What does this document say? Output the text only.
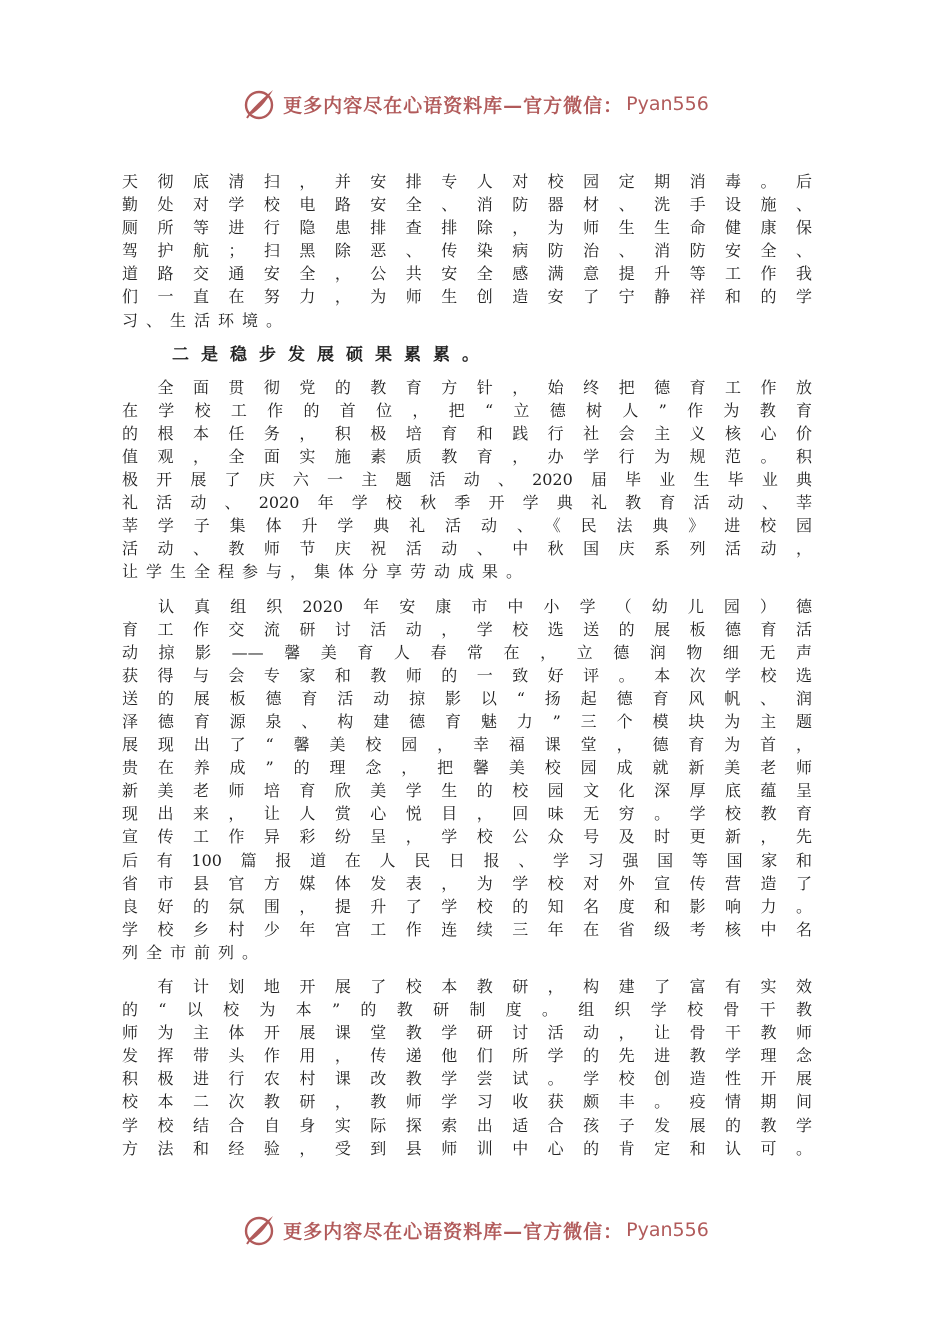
更多内容尽在心语资料库—官方微信： Pyan556
天彻底清扫，并安排专人对校园定期消毒。后
勤处对学校电路安全、消防器材、洗手设施、
厕所等进行隐患排查排除，为师生生命健康保
驾护航；扫黑除恶、传染病防治、消防安全、
道路交通安全，公共安全感满意提升等工作我
们一直在努力，为师生创造安了宁静祥和的学
习、生活环境。
二是稳步发展硕果累累。
　全面贯彻党的教育方针，始终把德育工作放
在学校工作的首位，把“立德树人”作为教育
的根本任务，积极培育和践行社会主义核心价
值观，全面实施素质教育，办学行为规范。积
极开展了庆六一主题活动、2020届毕业生毕业典
礼活动、2020年学校秋季开学典礼教育活动、莘
莘学子集体升学典礼活动、《民法典》进校园
活动、教师节庆祝活动、中秋国庆系列活动，
让学生全程参与，集体分享劳动成果。
　认真组织2020年安康市中小学（幼儿园）德
育工作交流研讨活动，学校选送的展板德育活
动掠影——馨美育人春常在，立德润物细无声
获得与会专家和教师的一致好评。本次学校选
送的展板德育活动掠影以“扬起德育风帆、润
泽德育源泉、构建德育魅力”三个模块为主题
展现出了“馨美校园，幸福课堂，德育为首，
贵在养成”的理念，把馨美校园成就新美老师
新美老师培育欣美学生的校园文化深厚底蕴呈
现出来，让人赏心悦目，回味无穷。学校教育
宣传工作异彩纷呈，学校公众号及时更新，先
后有100篇报道在人民日报、学习强国等国家和
省市县官方媒体发表，为学校对外宣传营造了
良好的氛围，提升了学校的知名度和影响力。
学校乡村少年宫工作连续三年在省级考核中名
列全市前列。
　有计划地开展了校本教研，构建了富有实效
的“以校为本”的教研制度。组织学校骨干教
师为主体开展课堂教学研讨活动，让骨干教师
发挥带头作用，传递他们所学的先进教学理念
积极进行农村课改教学尝试。学校创造性开展
校本二次教研，教师学习收获颇丰。疫情期间
学校结合自身实际探索出适合孩子发展的教学
方法和经验，受到县师训中心的肯定和认可。
更多内容尽在心语资料库—官方微信： Pyan556
